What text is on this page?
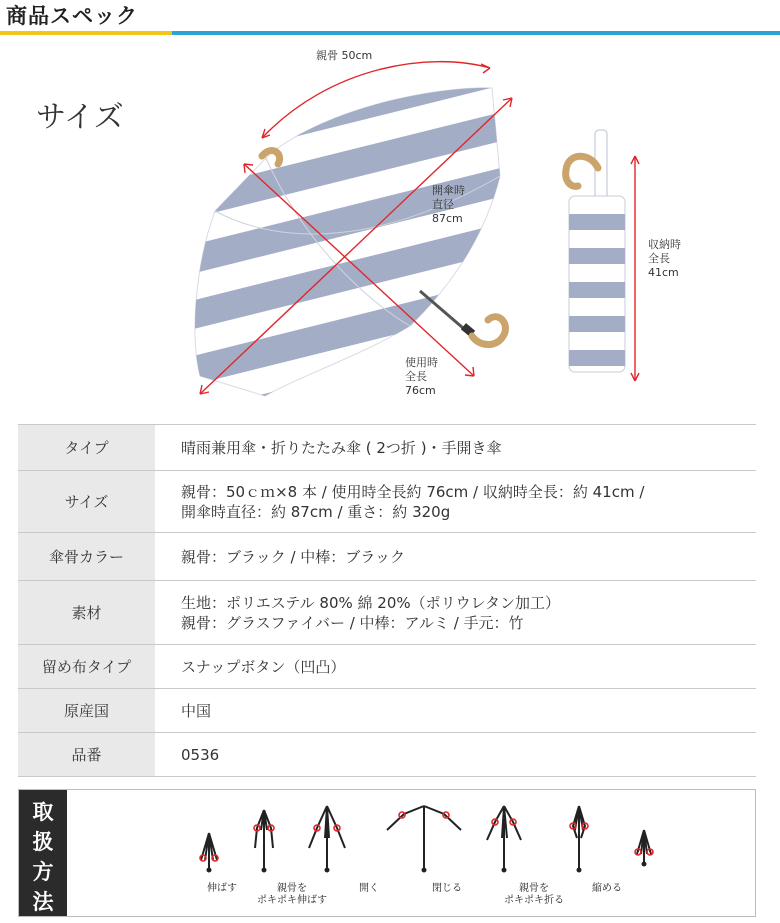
商品スペック
サイズ
親骨 50cm
開傘時
直径
87cm
使用時
全長
76cm
収納時
全長
41cm
タイプ	晴雨兼用傘・折りたたみ傘 ( 2つ折 )・手開き傘

サイズ	親骨：50ｃｍ×8 本 / 使用時全長約 76cm / 収納時全長：約 41cm /
開傘時直径：約 87cm / 重さ：約 320g

傘骨カラー	親骨：ブラック / 中棒：ブラック

素材	生地：ポリエステル 80% 綿 20%（ポリウレタン加工）
親骨：グラスファイバー / 中棒：アルミ / 手元：竹

留め布タイプ	スナップボタン（凹凸）

原産国	中国

品番	0536
取
扱
方
法
伸ばす	親骨を
ポキポキ伸ばす
開く	閉じる	親骨を
ポキポキ折る
縮める
